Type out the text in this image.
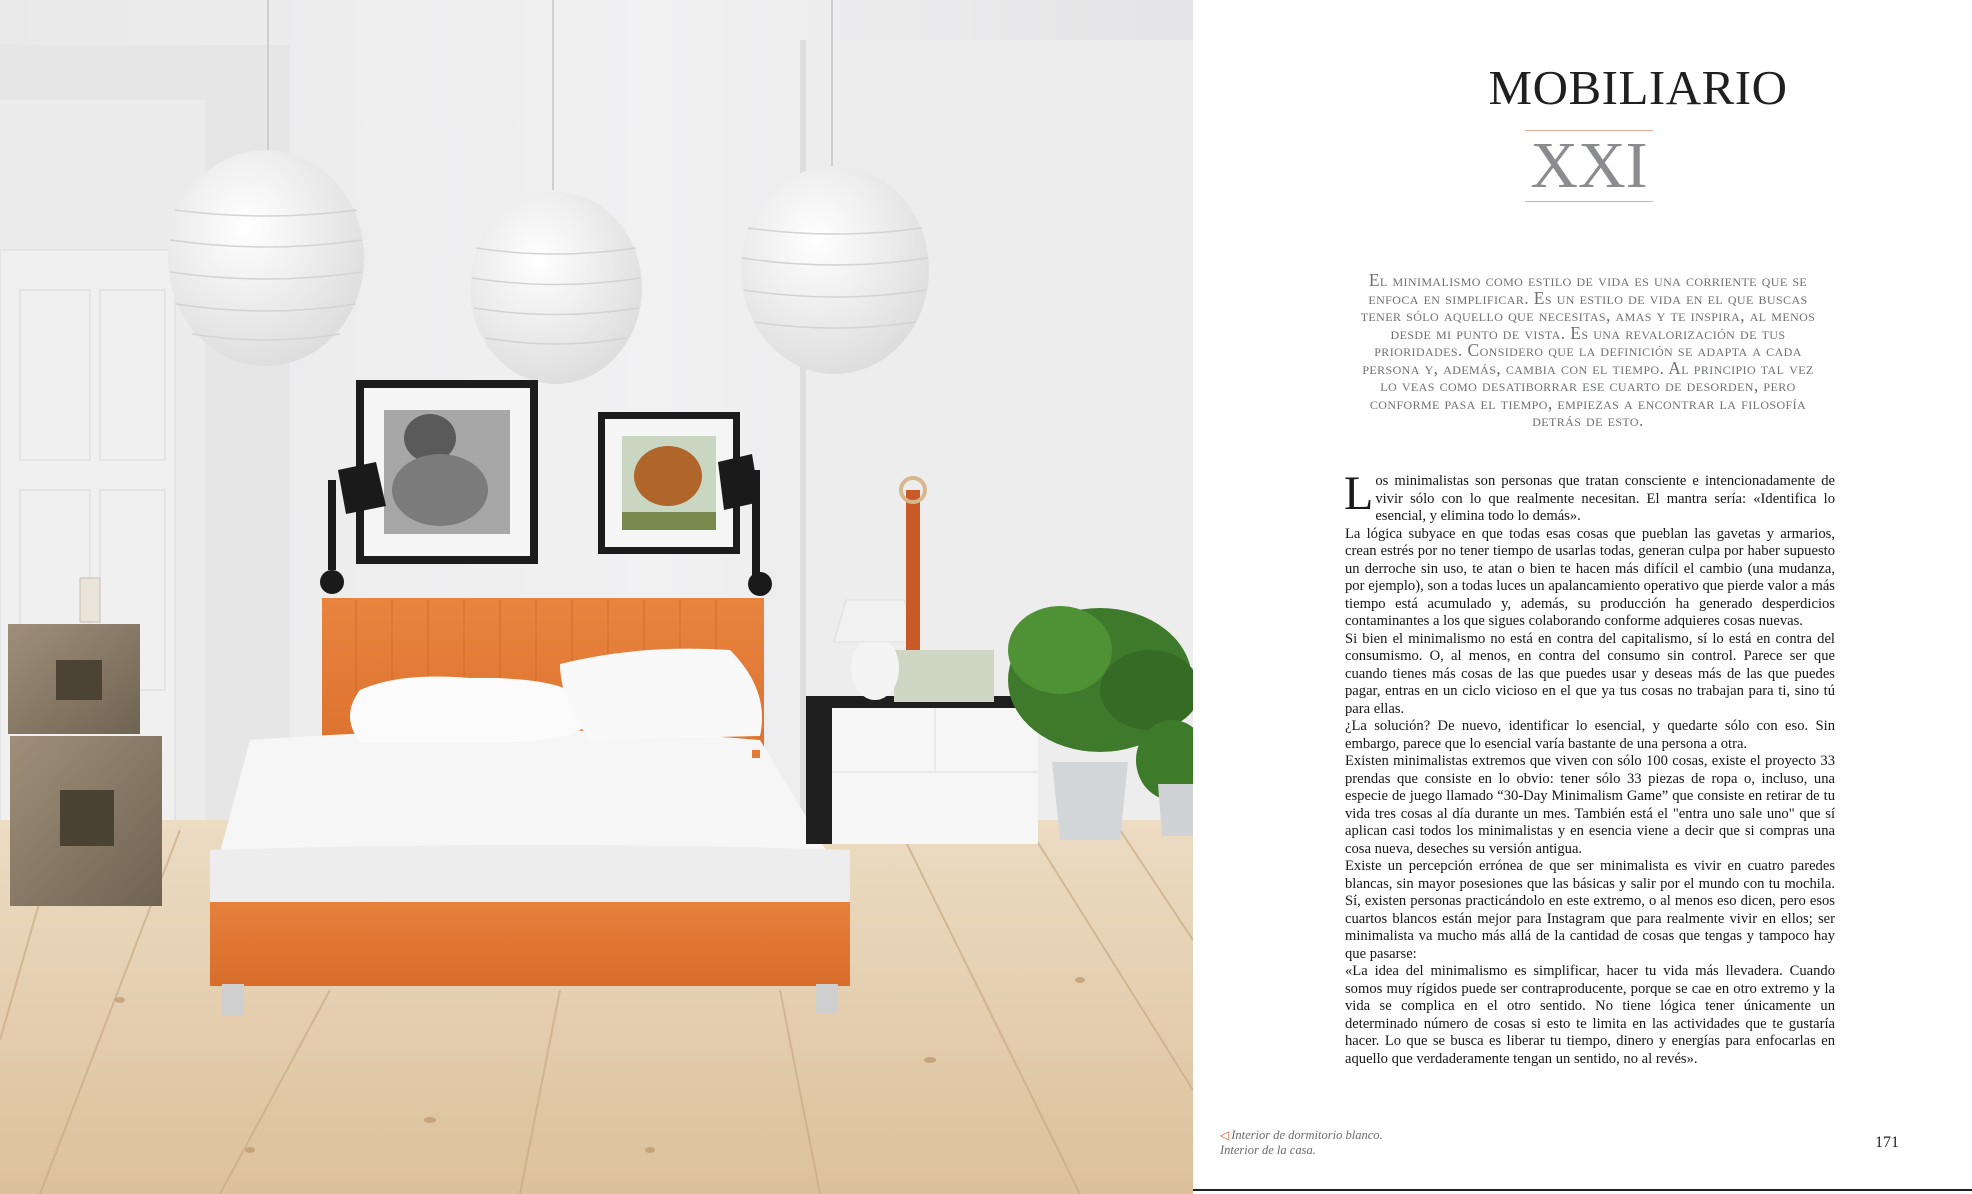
MOBILIARIO
XXI
El minimalismo como estilo de vida es una corriente que se enfoca en simplificar. Es un estilo de vida en el que buscas tener sólo aquello que necesitas, amas y te inspira, al menos desde mi punto de vista. Es una revalorización de tus prioridades. Considero que la definición se adapta a cada persona y, además, cambia con el tiempo. Al principio tal vez lo veas como desatiborrar ese cuarto de desorden, pero conforme pasa el tiempo, empiezas a encontrar la filosofía detrás de esto.

Los minimalistas son personas que tratan consciente e intencionadamente de vivir sólo con lo que realmente necesitan. El mantra sería: «Identifica lo esencial, y elimina todo lo demás».

La lógica subyace en que todas esas cosas que pueblan las gavetas y armarios, crean estrés por no tener tiempo de usarlas todas, generan culpa por haber supuesto un derroche sin uso, te atan o bien te hacen más difícil el cambio (una mudanza, por ejemplo), son a todas luces un apalancamiento operativo que pierde valor a más tiempo está acumulado y, además, su producción ha generado desperdicios contaminantes a los que sigues colaborando conforme adquieres cosas nuevas.

Si bien el minimalismo no está en contra del capitalismo, sí lo está en contra del consumismo. O, al menos, en contra del consumo sin control. Parece ser que cuando tienes más cosas de las que puedes usar y deseas más de las que puedes pagar, entras en un ciclo vicioso en el que ya tus cosas no trabajan para ti, sino tú para ellas.

¿La solución? De nuevo, identificar lo esencial, y quedarte sólo con eso. Sin embargo, parece que lo esencial varía bastante de una persona a otra.

Existen minimalistas extremos que viven con sólo 100 cosas, existe el proyecto 33 prendas que consiste en lo obvio: tener sólo 33 piezas de ropa o, incluso, una especie de juego llamado “30-Day Minimalism Game” que consiste en retirar de tu vida tres cosas al día durante un mes. También está el "entra uno sale uno" que sí aplican casi todos los minimalistas y en esencia viene a decir que si compras una cosa nueva, deseches su versión antigua.

Existe un percepción errónea de que ser minimalista es vivir en cuatro paredes blancas, sin mayor posesiones que las básicas y salir por el mundo con tu mochila. Sí, existen personas practicándolo en este extremo, o al menos eso dicen, pero esos cuartos blancos están mejor para Instagram que para realmente vivir en ellos; ser minimalista va mucho más allá de la cantidad de cosas que tengas y tampoco hay que pasarse:

«La idea del minimalismo es simplificar, hacer tu vida más llevadera. Cuando somos muy rígidos puede ser contraproducente, porque se cae en otro extremo y la vida se complica en el otro sentido. No tiene lógica tener únicamente un determinado número de cosas si esto te limita en las actividades que te gustaría hacer. Lo que se busca es liberar tu tiempo, dinero y energías para enfocarlas en aquello que verdaderamente tengan un sentido, no al revés».

◁ Interior de dormitorio blanco.
Interior de la casa.	171
